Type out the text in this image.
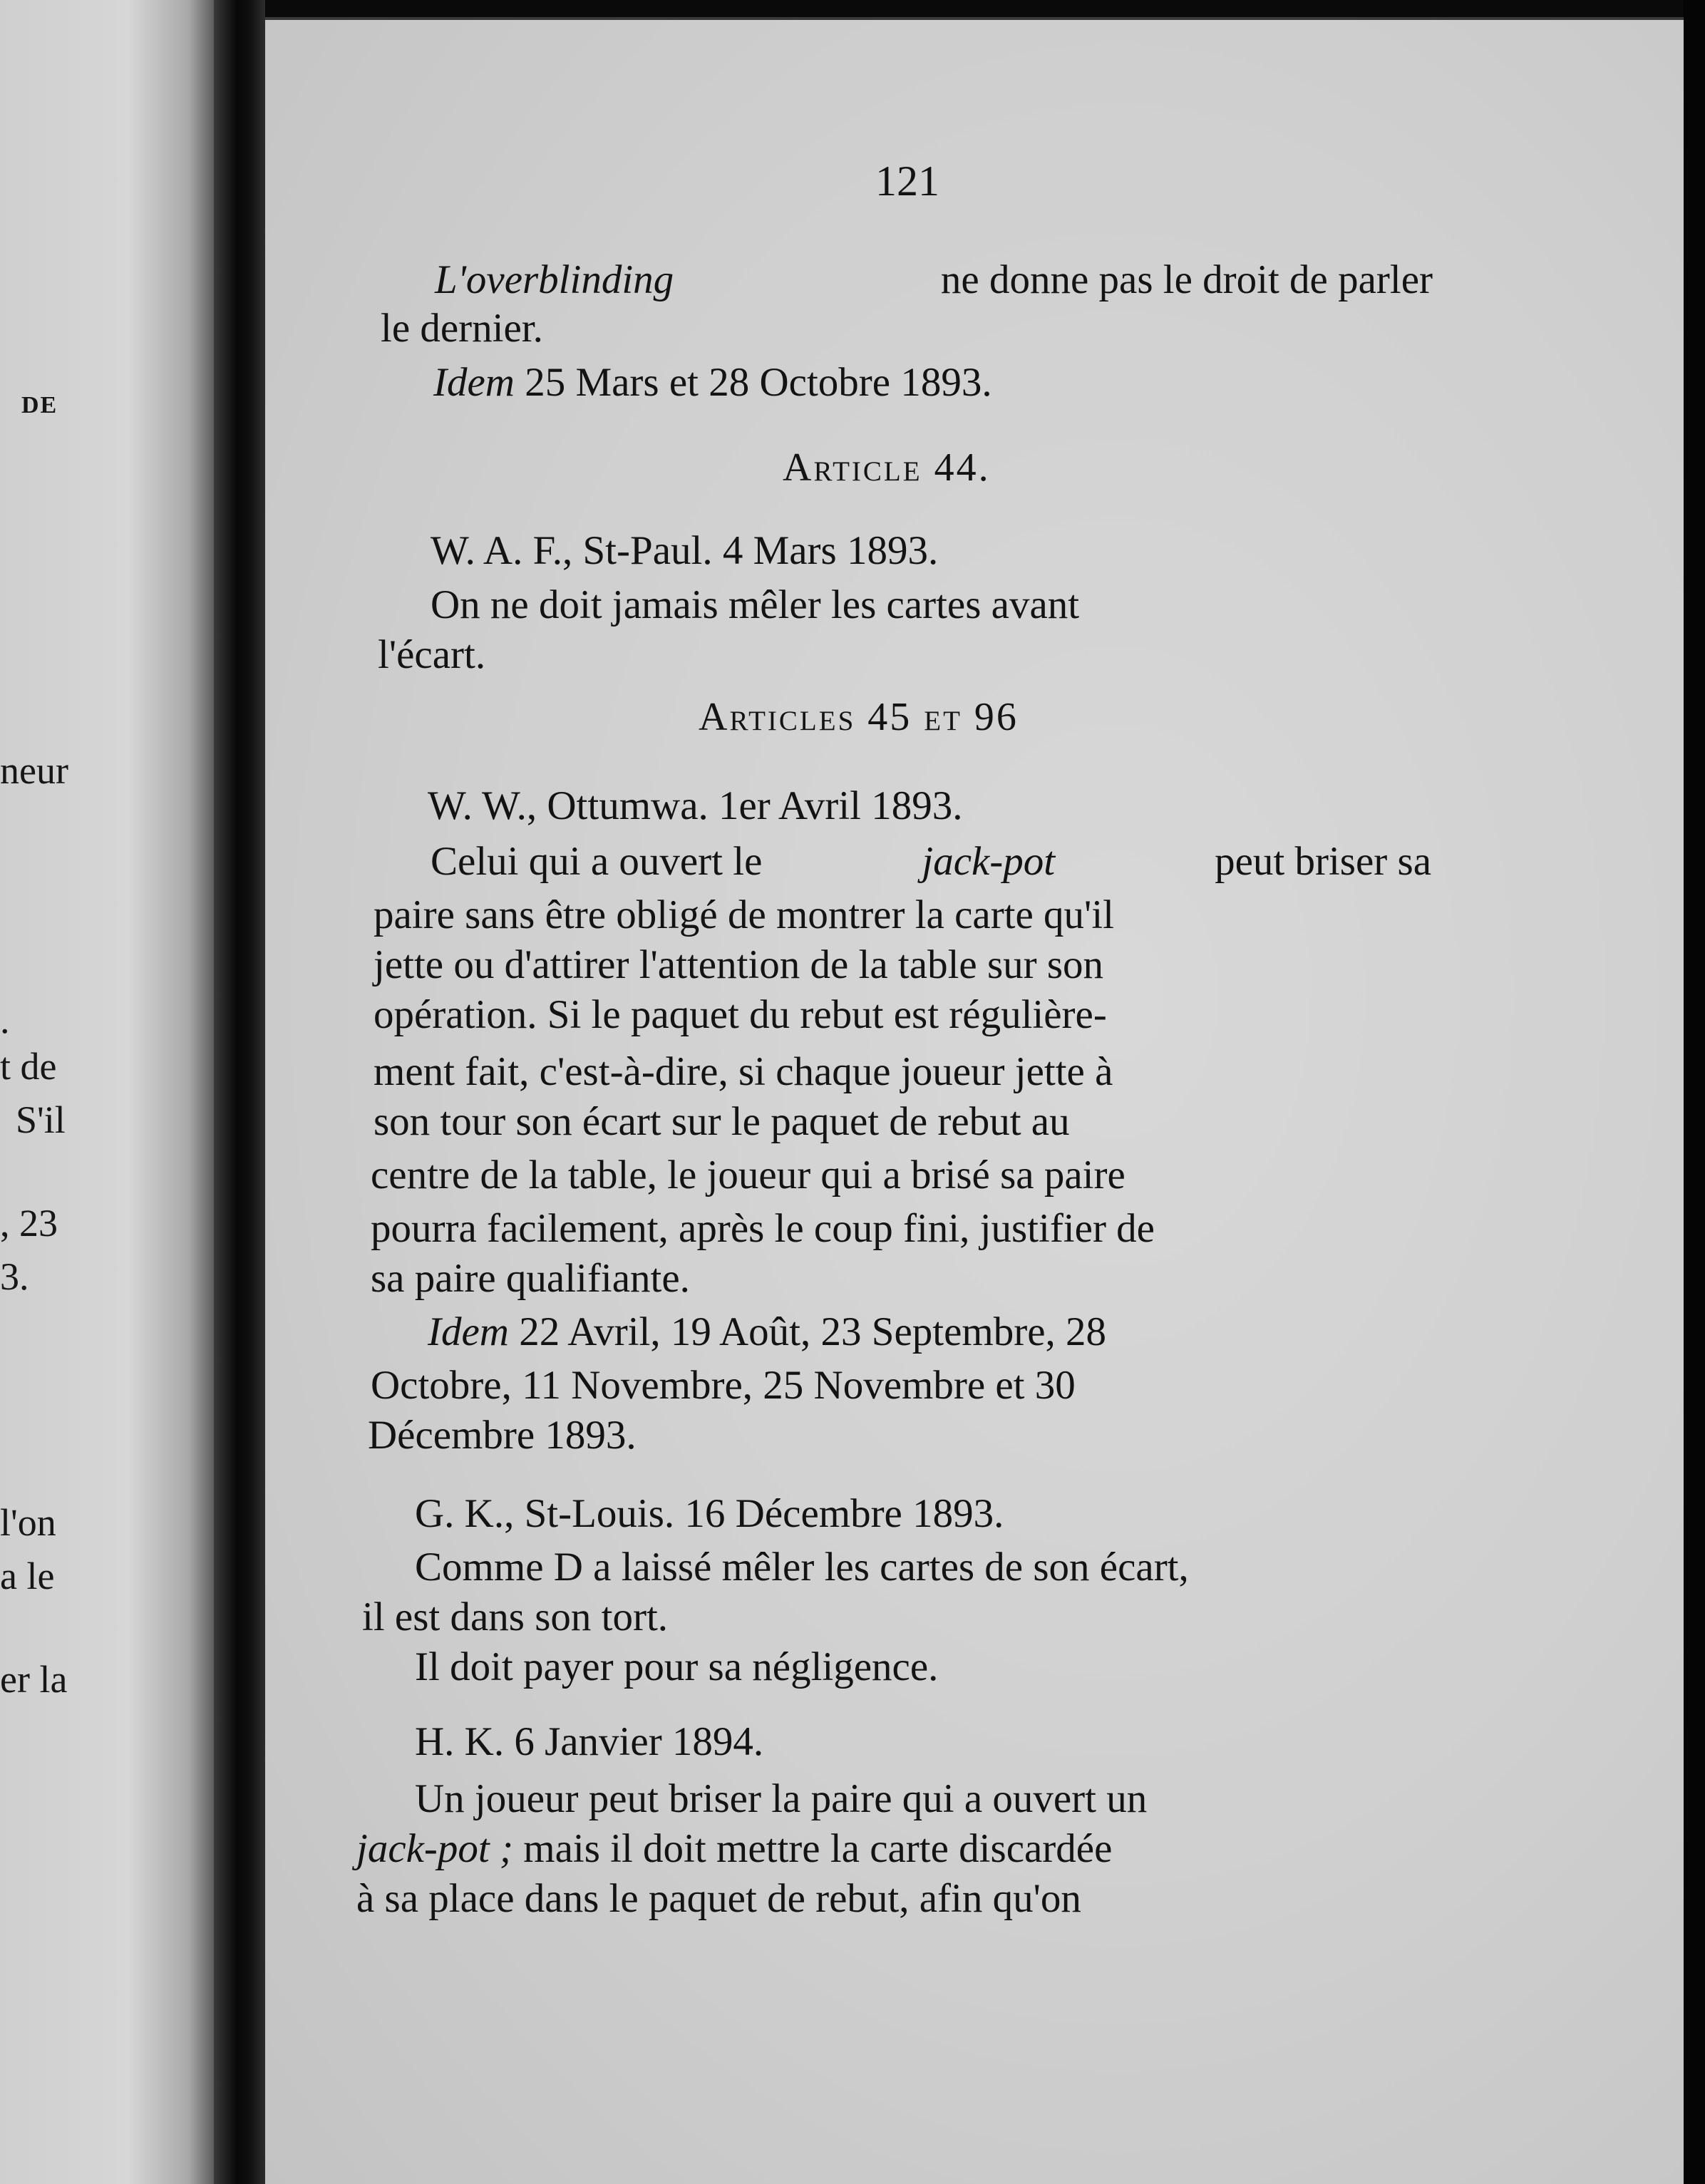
DE
neur
.
t de
S'il
, 23
3.
l'on
a le
er la
121
L'overblinding	ne donne pas le droit de parler
le dernier.
Idem 25 Mars et 28 Octobre 1893.
Article 44.
W. A. F., St-Paul. 4 Mars 1893.
On ne doit jamais mêler les cartes avant
l'écart.
Articles 45 et 96
W. W., Ottumwa. 1er Avril 1893.
Celui qui a ouvert le	jack-pot	peut briser sa
paire sans être obligé de montrer la carte qu'il
jette ou d'attirer l'attention de la table sur son
opération. Si le paquet du rebut est régulière-
ment fait, c'est-à-dire, si chaque joueur jette à
son tour son écart sur le paquet de rebut au
centre de la table, le joueur qui a brisé sa paire
pourra facilement, après le coup fini, justifier de
sa paire qualifiante.
Idem 22 Avril, 19 Août, 23 Septembre, 28
Octobre, 11 Novembre, 25 Novembre et 30
Décembre 1893.
G. K., St-Louis. 16 Décembre 1893.
Comme D a laissé mêler les cartes de son écart,
il est dans son tort.
Il doit payer pour sa négligence.
H. K. 6 Janvier 1894.
Un joueur peut briser la paire qui a ouvert un
jack-pot ; mais il doit mettre la carte discardée
à sa place dans le paquet de rebut, afin qu'on
